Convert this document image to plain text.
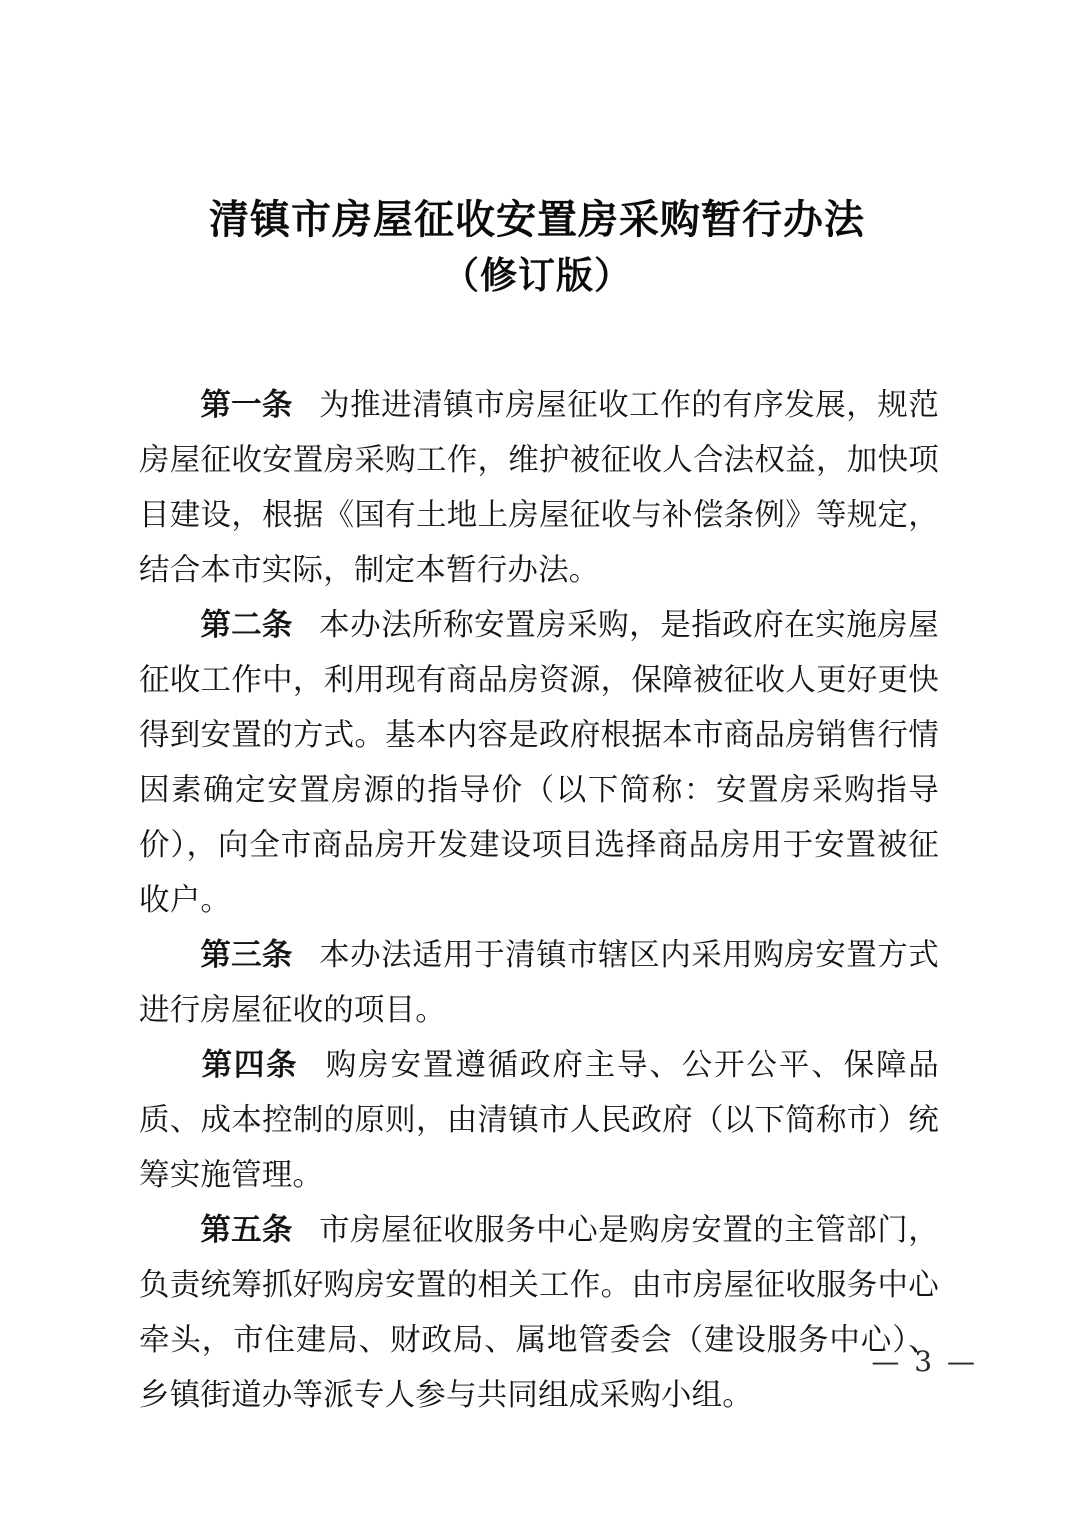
清镇市房屋征收安置房采购暂行办法
（修订版）

第一条 为推进清镇市房屋征收工作的有序发展，规范房屋征收安置房采购工作，维护被征收人合法权益，加快项目建设，根据《国有土地上房屋征收与补偿条例》等规定，结合本市实际，制定本暂行办法。

第二条 本办法所称安置房采购，是指政府在实施房屋征收工作中，利用现有商品房资源，保障被征收人更好更快得到安置的方式。基本内容是政府根据本市商品房销售行情因素确定安置房源的指导价（以下简称：安置房采购指导价），向全市商品房开发建设项目选择商品房用于安置被征收户。

第三条 本办法适用于清镇市辖区内采用购房安置方式进行房屋征收的项目。

第四条 购房安置遵循政府主导、公开公平、保障品质、成本控制的原则，由清镇市人民政府（以下简称市）统筹实施管理。

第五条 市房屋征收服务中心是购房安置的主管部门，负责统筹抓好购房安置的相关工作。由市房屋征收服务中心牵头，市住建局、财政局、属地管委会（建设服务中心）、乡镇街道办等派专人参与共同组成采购小组。

— 3 —
